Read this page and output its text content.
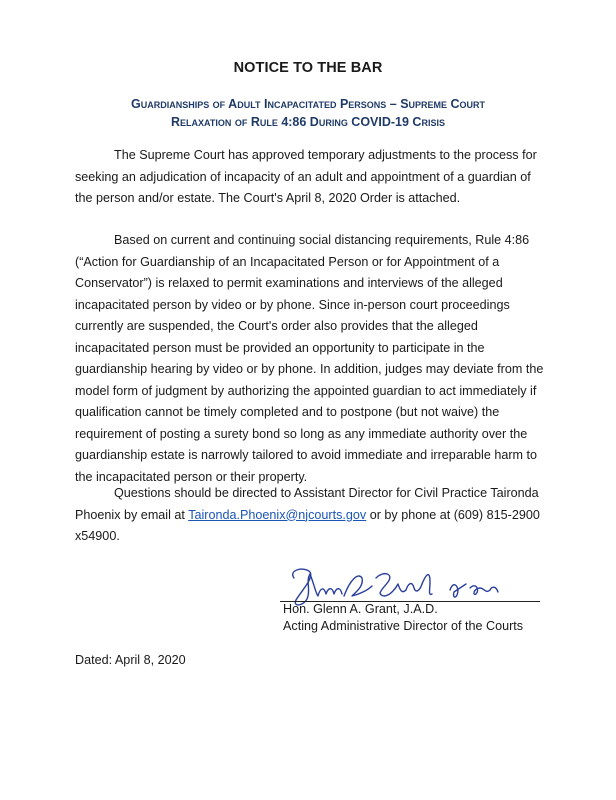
NOTICE TO THE BAR
Guardianships of Adult Incapacitated Persons – Supreme Court
Relaxation of Rule 4:86 During COVID-19 Crisis

The Supreme Court has approved temporary adjustments to the process for seeking an adjudication of incapacity of an adult and appointment of a guardian of the person and/or estate. The Court's April 8, 2020 Order is attached.

Based on current and continuing social distancing requirements, Rule 4:86 (“Action for Guardianship of an Incapacitated Person or for Appointment of a Conservator”) is relaxed to permit examinations and interviews of the alleged incapacitated person by video or by phone. Since in-person court proceedings currently are suspended, the Court's order also provides that the alleged incapacitated person must be provided an opportunity to participate in the guardianship hearing by video or by phone. In addition, judges may deviate from the model form of judgment by authorizing the appointed guardian to act immediately if qualification cannot be timely completed and to postpone (but not waive) the requirement of posting a surety bond so long as any immediate authority over the guardianship estate is narrowly tailored to avoid immediate and irreparable harm to the incapacitated person or their property.

Questions should be directed to Assistant Director for Civil Practice Taironda Phoenix by email at Taironda.Phoenix@njcourts.gov or by phone at (609) 815-2900 x54900.

Hon. Glenn A. Grant, J.A.D.
Acting Administrative Director of the Courts
Dated: April 8, 2020
